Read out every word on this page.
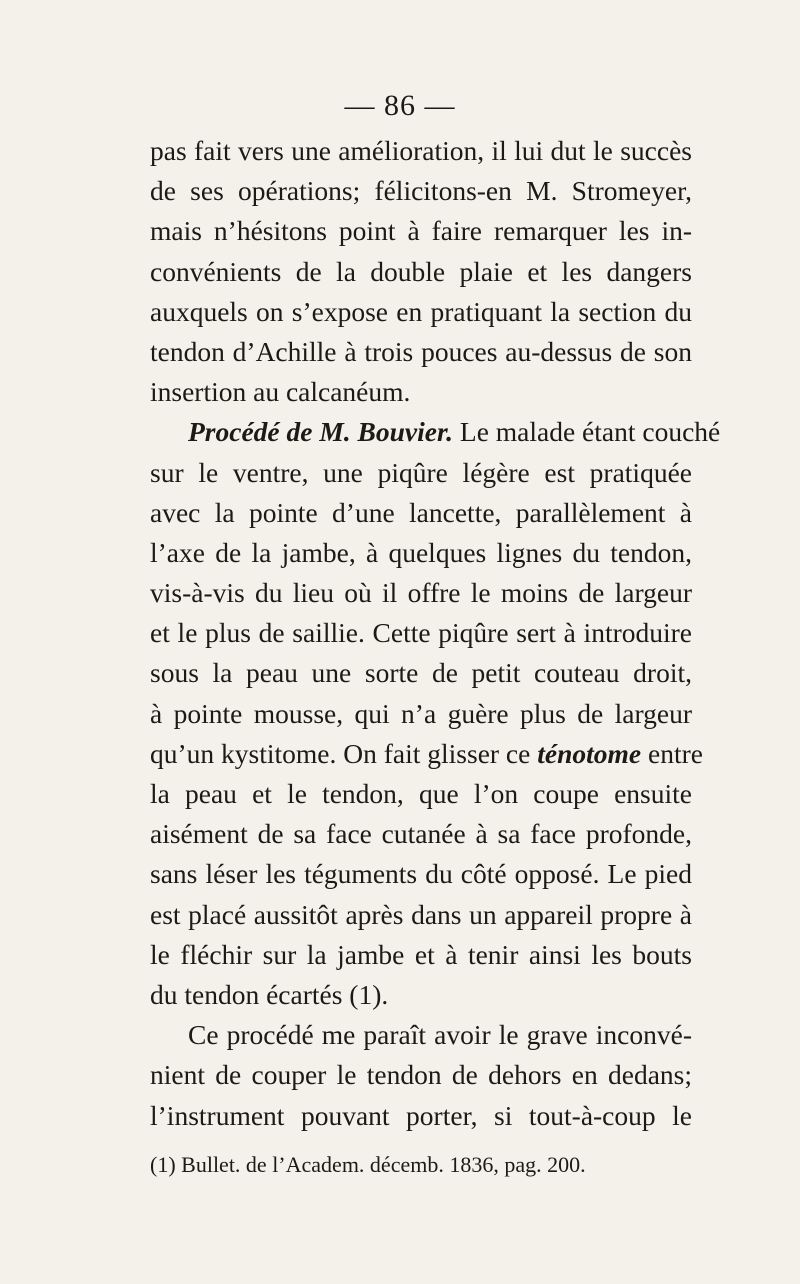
— 86 —
pas fait vers une amélioration, il lui dut le succès
de ses opérations; félicitons-en M. Stromeyer,
mais n’hésitons point à faire remarquer les in-
convénients de la double plaie et les dangers
auxquels on s’expose en pratiquant la section du
tendon d’Achille à trois pouces au-dessus de son
insertion au calcanéum.
Procédé de M. Bouvier. Le malade étant couché
sur le ventre, une piqûre légère est pratiquée
avec la pointe d’une lancette, parallèlement à
l’axe de la jambe, à quelques lignes du tendon,
vis-à-vis du lieu où il offre le moins de largeur
et le plus de saillie. Cette piqûre sert à introduire
sous la peau une sorte de petit couteau droit,
à pointe mousse, qui n’a guère plus de largeur
qu’un kystitome. On fait glisser ce ténotome entre
la peau et le tendon, que l’on coupe ensuite
aisément de sa face cutanée à sa face profonde,
sans léser les téguments du côté opposé. Le pied
est placé aussitôt après dans un appareil propre à
le fléchir sur la jambe et à tenir ainsi les bouts
du tendon écartés (1).
Ce procédé me paraît avoir le grave inconvé-
nient de couper le tendon de dehors en dedans;
l’instrument pouvant porter, si tout-à-coup le
(1) Bullet. de l’Academ. décemb. 1836, pag. 200.
